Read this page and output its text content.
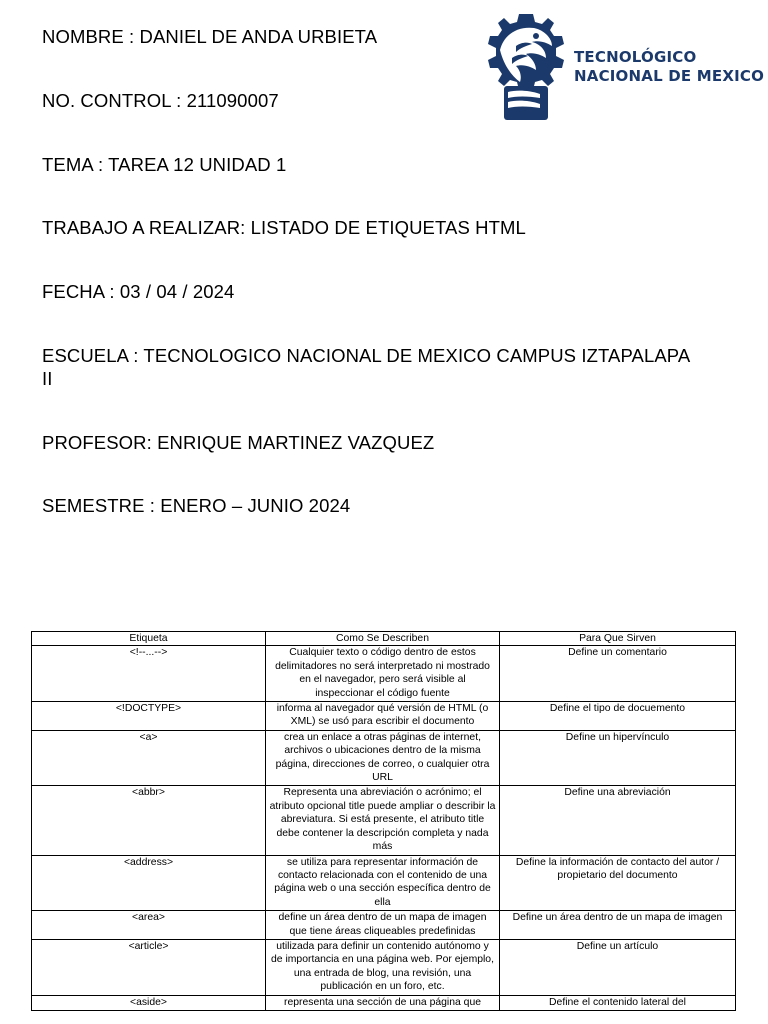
NOMBRE : DANIEL DE ANDA URBIETA
NO. CONTROL : 211090007
TEMA : TAREA 12 UNIDAD 1
TRABAJO A REALIZAR: LISTADO DE ETIQUETAS HTML
FECHA : 03 / 04 / 2024
ESCUELA : TECNOLOGICO NACIONAL DE MEXICO CAMPUS IZTAPALAPA
II
PROFESOR: ENRIQUE MARTINEZ VAZQUEZ
SEMESTRE : ENERO – JUNIO 2024
TECNOLÓGICO
NACIONAL DE MEXICO
Etiqueta	Como Se Describen	Para Que Sirven
<!--...-->	Cualquier texto o código dentro de estos delimitadores no será interpretado ni mostrado en el navegador, pero será visible al inspeccionar el código fuente	Define un comentario
<!DOCTYPE>	informa al navegador qué versión de HTML (o XML) se usó para escribir el documento	Define el tipo de docuemento
<a>	crea un enlace a otras páginas de internet, archivos o ubicaciones dentro de la misma página, direcciones de correo, o cualquier otra URL	Define un hipervínculo
<abbr>	Representa una abreviación o acrónimo; el atributo opcional title puede ampliar o describir la abreviatura. Si está presente, el atributo title debe contener la descripción completa y nada más	Define una abreviación
<address>	se utiliza para representar información de contacto relacionada con el contenido de una página web o una sección específica dentro de ella	Define la información de contacto del autor / propietario del documento
<area>	define un área dentro de un mapa de imagen que tiene áreas cliqueables predefinidas	Define un área dentro de un mapa de imagen
<article>	utilizada para definir un contenido autónomo y de importancia en una página web. Por ejemplo, una entrada de blog, una revisión, una publicación en un foro, etc.	Define un artículo
<aside>	representa una sección de una página que	Define el contenido lateral del
